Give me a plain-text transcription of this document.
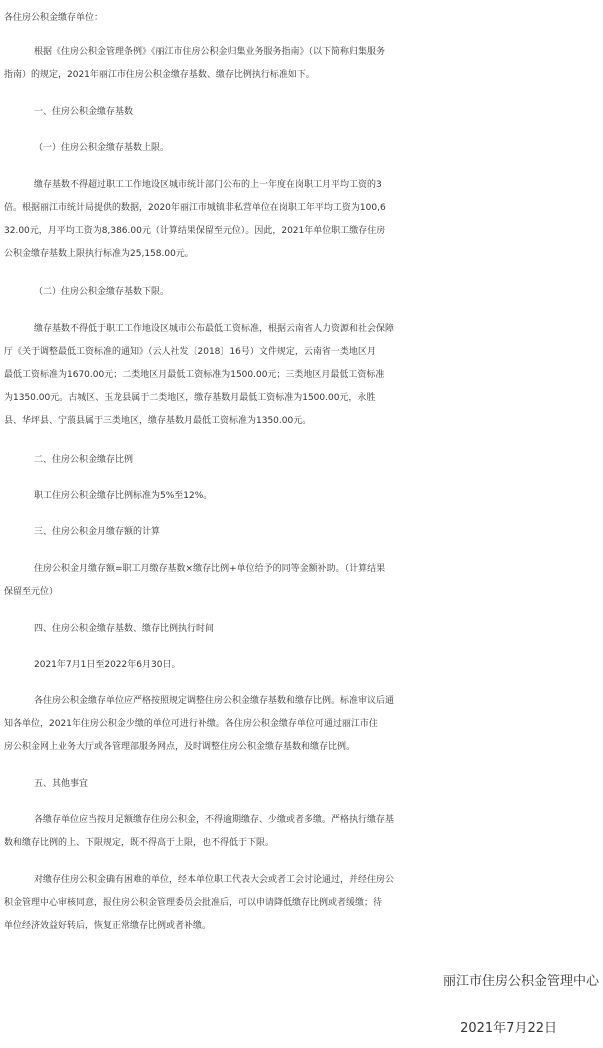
各住房公积金缴存单位：

根据《住房公积金管理条例》《丽江市住房公积金归集业务服务指南》（以下简称归集服务

指南）的规定，2021年丽江市住房公积金缴存基数、缴存比例执行标准如下。

一、住房公积金缴存基数

（一）住房公积金缴存基数上限。

缴存基数不得超过职工工作地设区城市统计部门公布的上一年度在岗职工月平均工资的3

倍。根据丽江市统计局提供的数据，2020年丽江市城镇非私营单位在岗职工年平均工资为100,6

32.00元，月平均工资为8,386.00元（计算结果保留至元位）。因此，2021年单位职工缴存住房

公积金缴存基数上限执行标准为25,158.00元。

（二）住房公积金缴存基数下限。

缴存基数不得低于职工工作地设区城市公布最低工资标准，根据云南省人力资源和社会保障

厅《关于调整最低工资标准的通知》（云人社发〔2018〕16号）文件规定，云南省一类地区月

最低工资标准为1670.00元；二类地区月最低工资标准为1500.00元；三类地区月最低工资标准

为1350.00元。古城区、玉龙县属于二类地区，缴存基数月最低工资标准为1500.00元，永胜

县、华坪县、宁蒗县属于三类地区，缴存基数月最低工资标准为1350.00元。

二、住房公积金缴存比例

职工住房公积金缴存比例标准为5%至12%。

三、住房公积金月缴存额的计算

住房公积金月缴存额=职工月缴存基数×缴存比例+单位给予的同等金额补助。（计算结果

保留至元位）

四、住房公积金缴存基数、缴存比例执行时间

2021年7月1日至2022年6月30日。

各住房公积金缴存单位应严格按照规定调整住房公积金缴存基数和缴存比例。标准审议后通

知各单位，2021年住房公积金少缴的单位可进行补缴。各住房公积金缴存单位可通过丽江市住

房公积金网上业务大厅或各管理部服务网点，及时调整住房公积金缴存基数和缴存比例。

五、其他事宜

各缴存单位应当按月足额缴存住房公积金，不得逾期缴存、少缴或者多缴。严格执行缴存基

数和缴存比例的上、下限规定，既不得高于上限，也不得低于下限。

对缴存住房公积金确有困难的单位，经本单位职工代表大会或者工会讨论通过，并经住房公

积金管理中心审核同意，报住房公积金管理委员会批准后，可以申请降低缴存比例或者缓缴；待

单位经济效益好转后，恢复正常缴存比例或者补缴。

丽江市住房公积金管理中心

2021年7月22日
